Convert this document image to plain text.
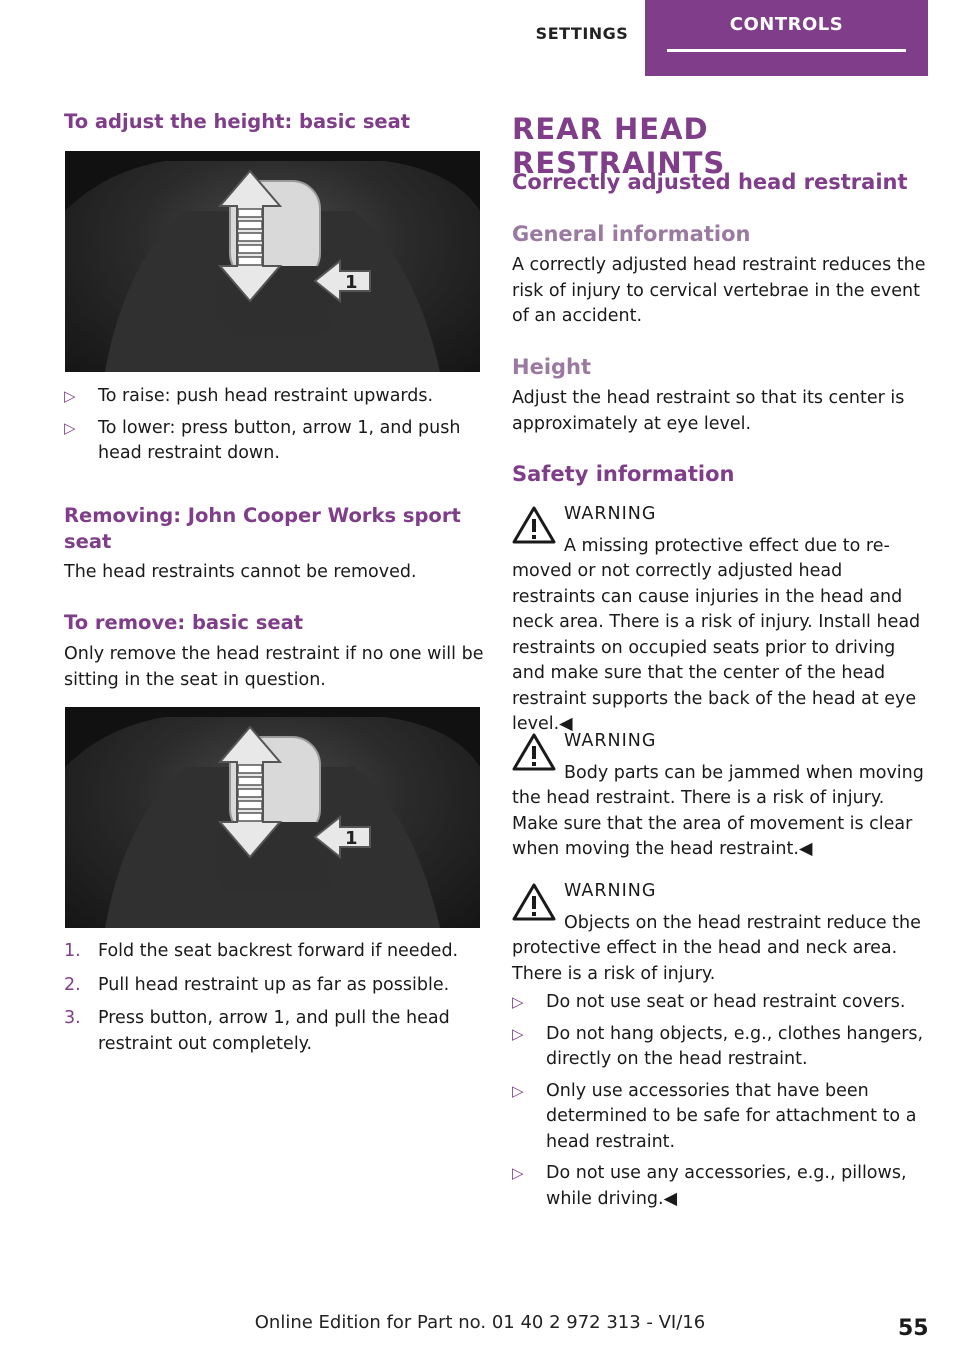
SETTINGS	CONTROLS
To adjust the height: basic seat
1
▷	To raise: push head restraint upwards.
▷	To lower: press button, arrow 1, and push head restraint down.
Removing: John Cooper Works sport seat
The head restraints cannot be removed.
To remove: basic seat
Only remove the head restraint if no one will be sitting in the seat in question.
1
1. Fold the seat backrest forward if needed.
2. Pull head restraint up as far as possible.
3. Press button, arrow 1, and pull the head restraint out completely.
REAR HEAD RESTRAINTS
Correctly adjusted head restraint
General information
A correctly adjusted head restraint reduces the risk of injury to cervical vertebrae in the event of an accident.
Height
Adjust the head restraint so that its center is approximately at eye level.
Safety information
WARNING
A missing protective effect due to re-
moved or not correctly adjusted head restraints can cause injuries in the head and neck area. There is a risk of injury. Install head restraints on occupied seats prior to driving and make sure that the center of the head restraint supports the back of the head at eye level.◀
WARNING
Body parts can be jammed when moving
the head restraint. There is a risk of injury. Make sure that the area of movement is clear when moving the head restraint.◀
WARNING
Objects on the head restraint reduce the
protective effect in the head and neck area. There is a risk of injury.
▷	Do not use seat or head restraint covers.
▷	Do not hang objects, e.g., clothes hangers, directly on the head restraint.
▷	Only use accessories that have been determined to be safe for attachment to a head restraint.
▷	Do not use any accessories, e.g., pillows, while driving.◀
Online Edition for Part no. 01 40 2 972 313 - VI/16	55
